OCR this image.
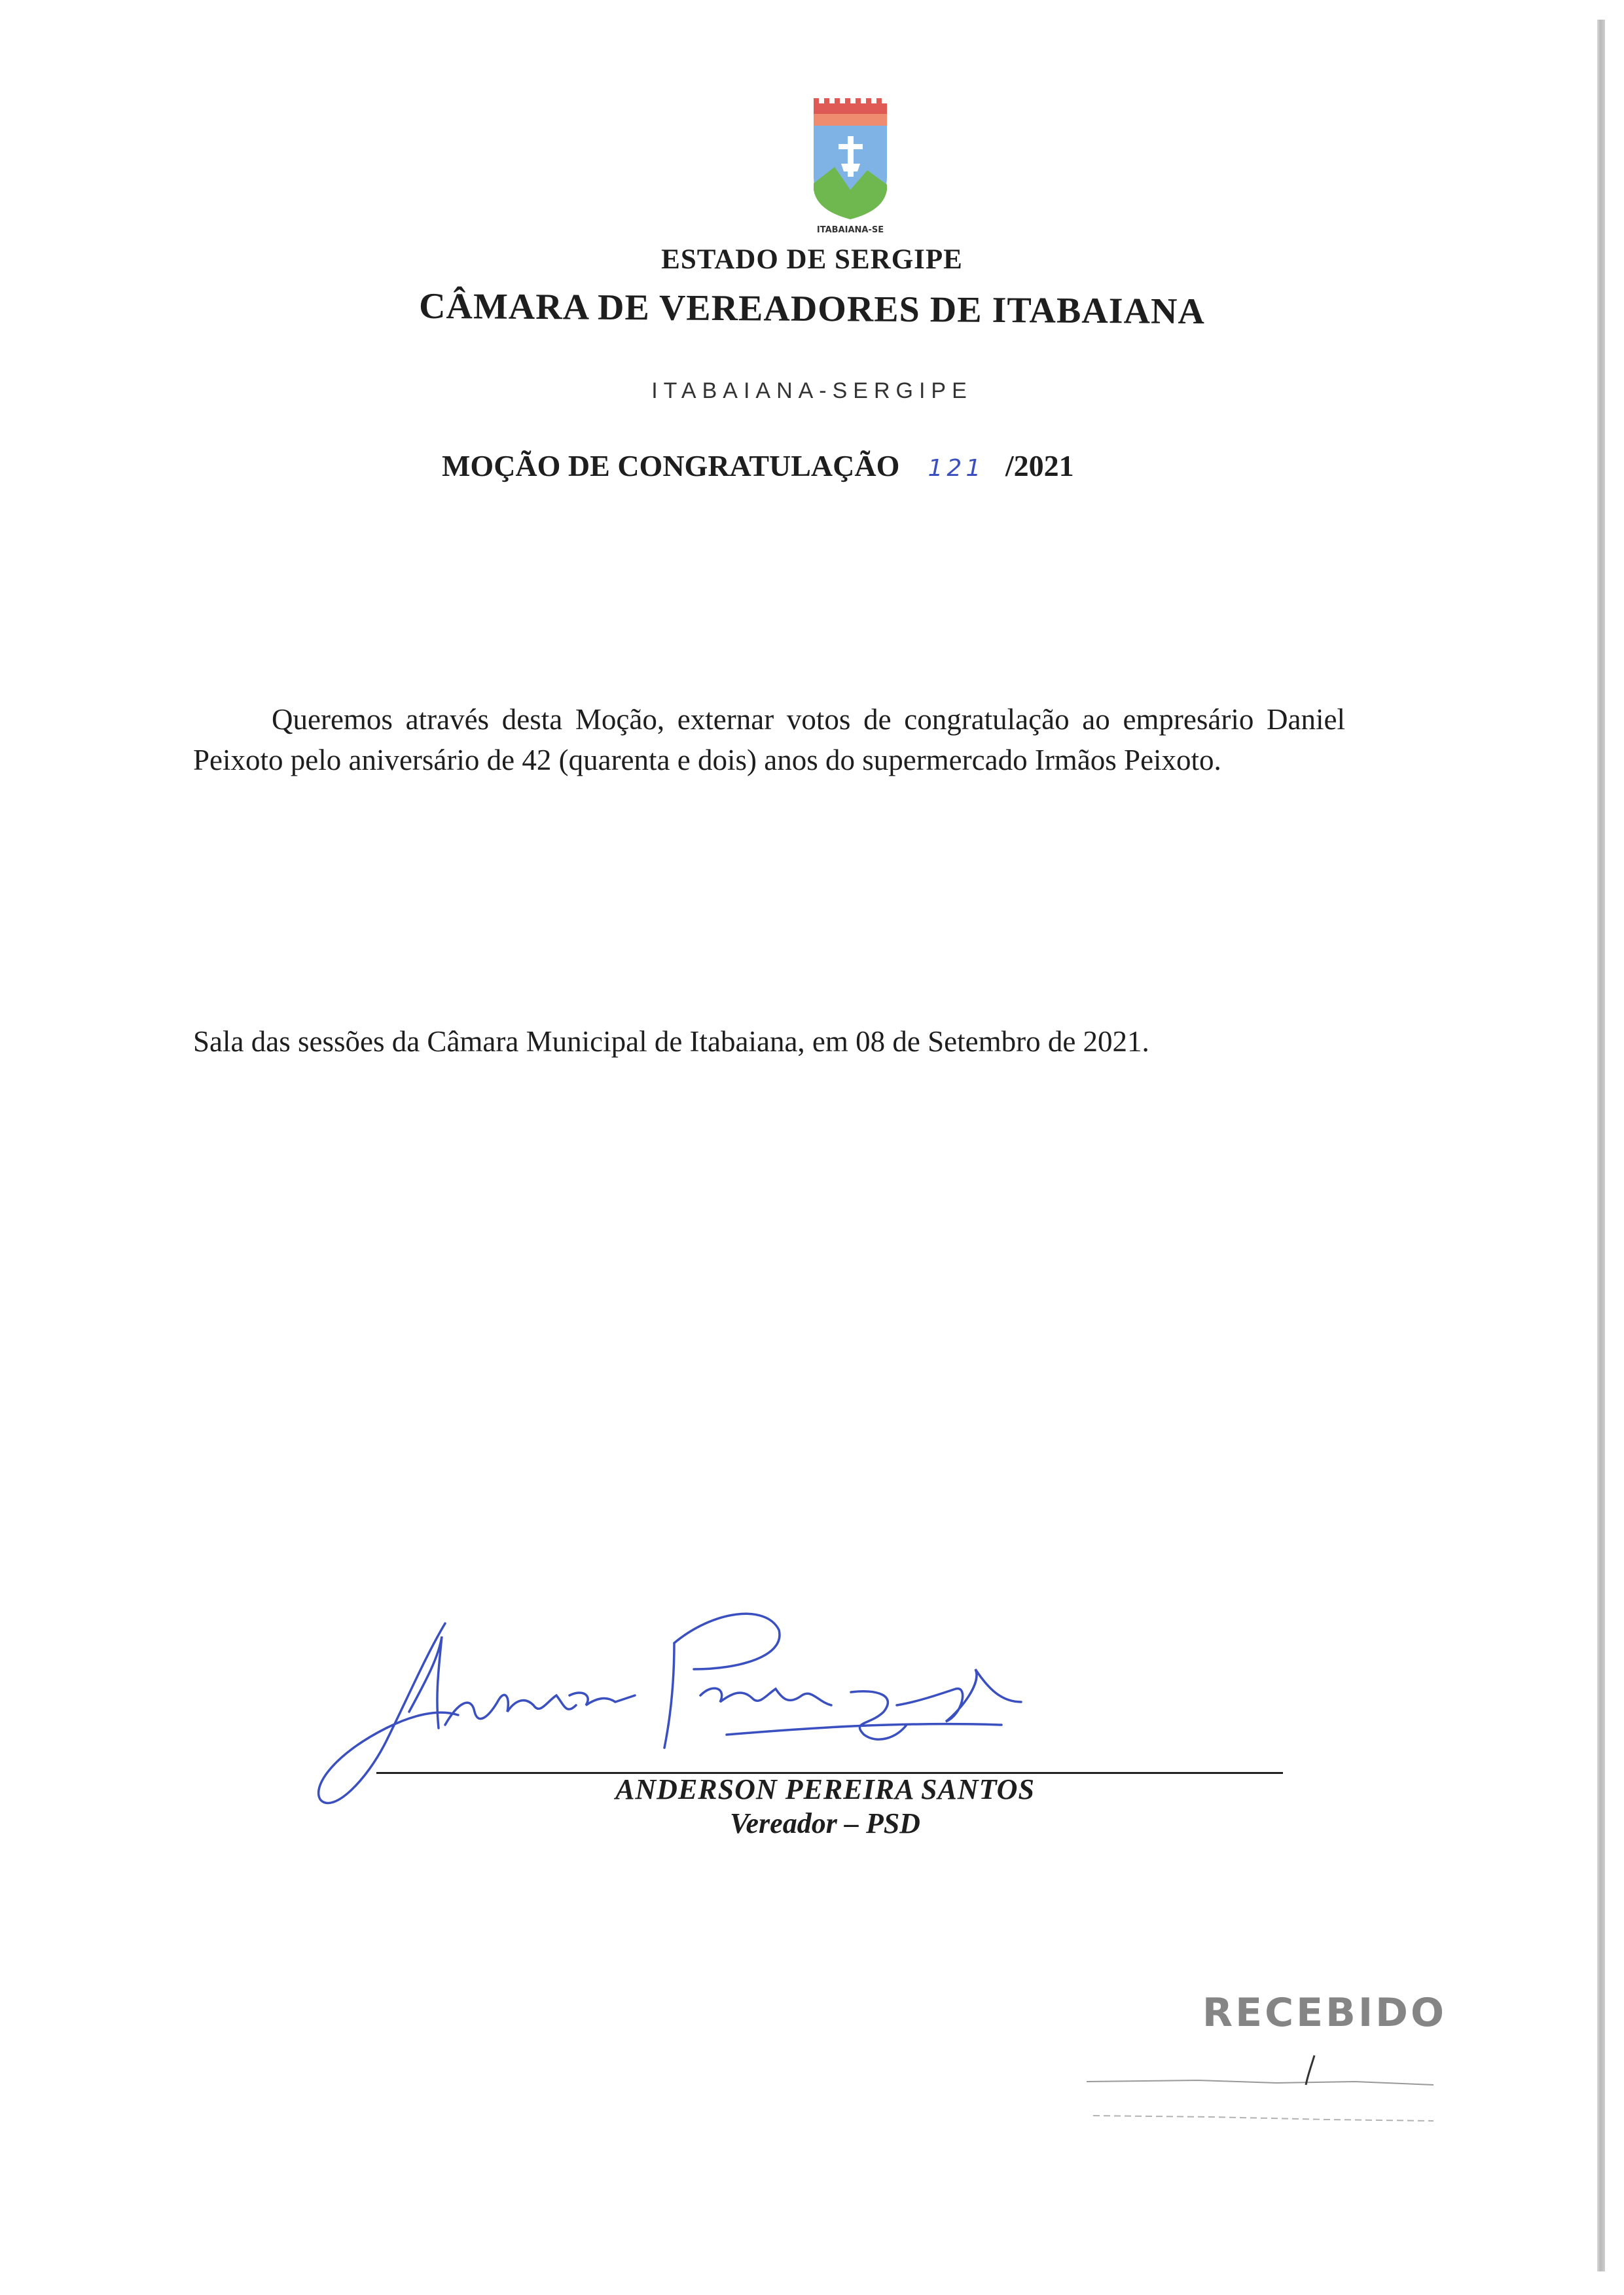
ITABAIANA-SE
ESTADO DE SERGIPE
CÂMARA DE VEREADORES DE ITABAIANA
ITABAIANA-SERGIPE
MOÇÃO DE CONGRATULAÇÃO 121 /2021

Queremos através desta Moção, externar votos de congratulação ao empresário Daniel Peixoto pelo aniversário de 42 (quarenta e dois) anos do supermercado Irmãos Peixoto.

Sala das sessões da Câmara Municipal de Itabaiana, em 08 de Setembro de 2021.
ANDERSON PEREIRA SANTOS
Vereador – PSD
RECEBIDO
